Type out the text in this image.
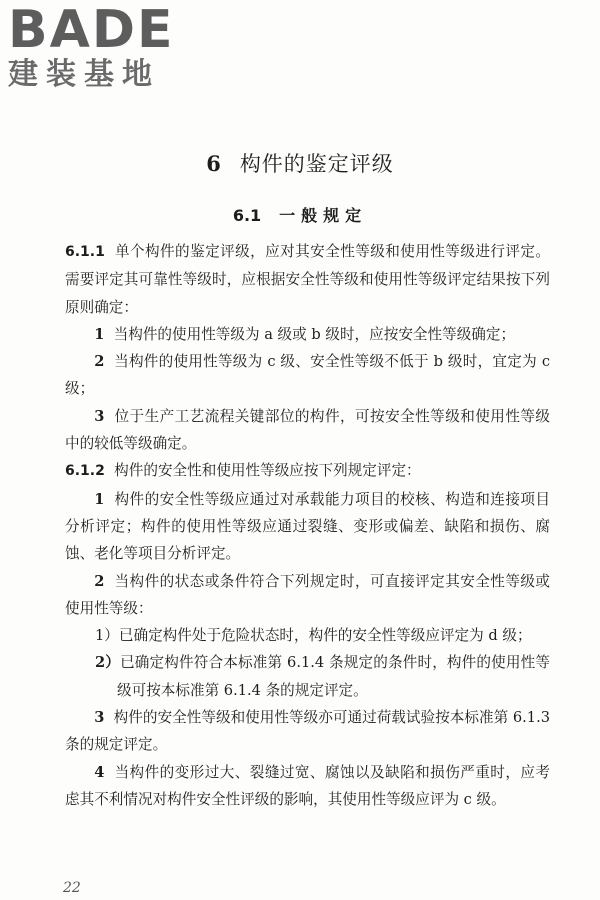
BADE
建装基地
6 构件的鉴定评级
6.1 一般规定

6.1.1 单个构件的鉴定评级，应对其安全性等级和使用性等级进行评定。需要评定其可靠性等级时，应根据安全性等级和使用性等级评定结果按下列原则确定：

1 当构件的使用性等级为 a 级或 b 级时，应按安全性等级确定；

2 当构件的使用性等级为 c 级、安全性等级不低于 b 级时，宜定为 c 级；

3 位于生产工艺流程关键部位的构件，可按安全性等级和使用性等级中的较低等级确定。

6.1.2 构件的安全性和使用性等级应按下列规定评定：

1 构件的安全性等级应通过对承载能力项目的校核、构造和连接项目分析评定；构件的使用性等级应通过裂缝、变形或偏差、缺陷和损伤、腐蚀、老化等项目分析评定。

2 当构件的状态或条件符合下列规定时，可直接评定其安全性等级或使用性等级：

1）已确定构件处于危险状态时，构件的安全性等级应评定为 d 级；

2）已确定构件符合本标准第 6.1.4 条规定的条件时，构件的使用性等级可按本标准第 6.1.4 条的规定评定。

3 构件的安全性等级和使用性等级亦可通过荷载试验按本标准第 6.1.3 条的规定评定。

4 当构件的变形过大、裂缝过宽、腐蚀以及缺陷和损伤严重时，应考虑其不利情况对构件安全性评级的影响，其使用性等级应评为 c 级。

22
